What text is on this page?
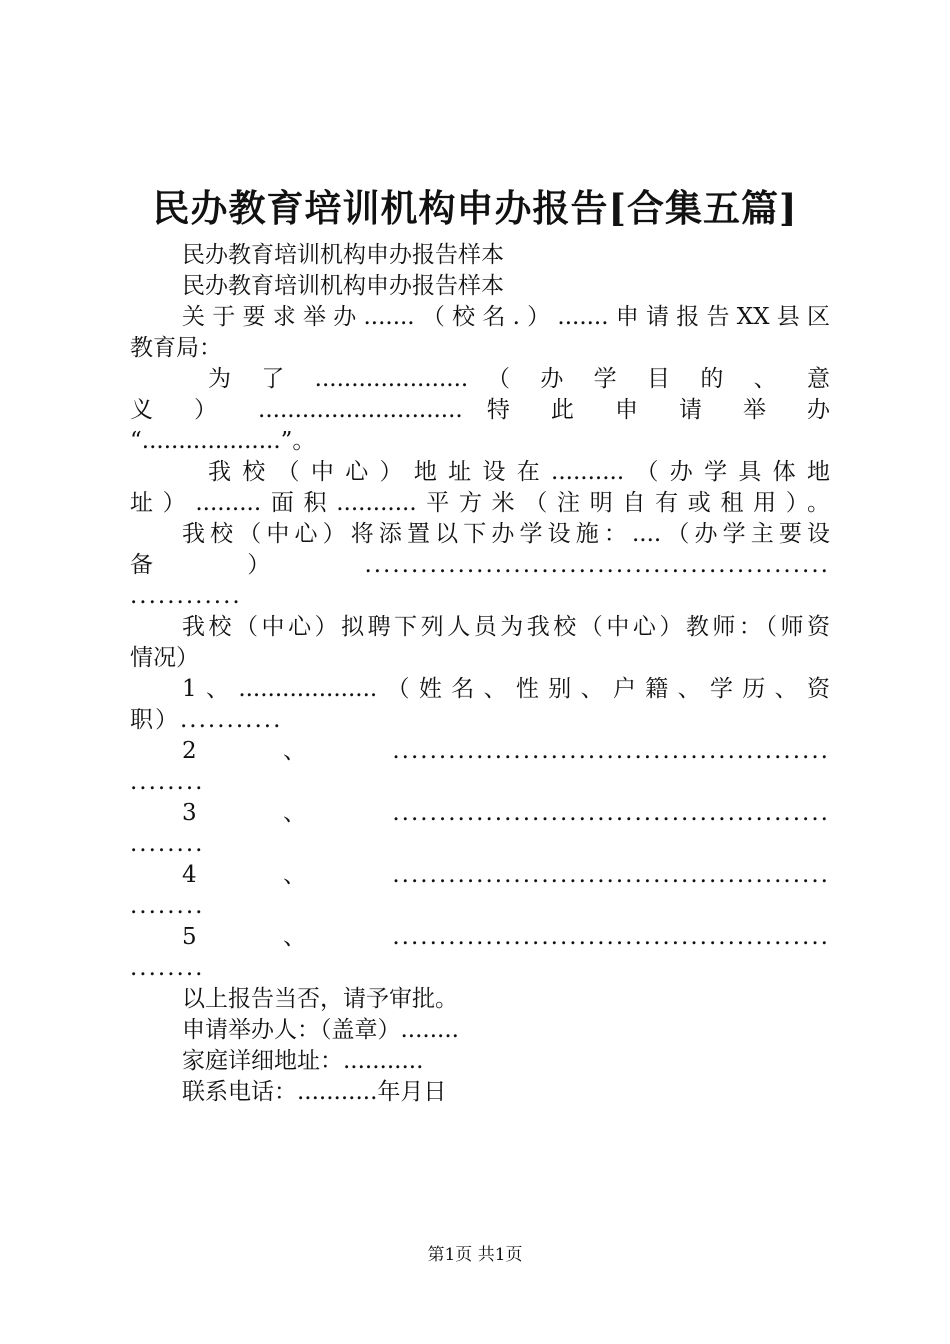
民办教育培训机构申办报告[合集五篇]
民办教育培训机构申办报告样本
民办教育培训机构申办报告样本
关于要求举办.......（校名.）.......申请报告XX县区
教育局：
为 了 ..................... （ 办 学 目 的 、 意
义 ） ............................ 特 此 申 请 举 办
“...................”。
我校（中心）地址设在..........（办学具体地
址）.........面积...........平方米（注明自有或租用）。
我校（中心）将添置以下办学设施：....（办学主要设
备）..................................................
............
我校（中心）拟聘下列人员为我校（中心）教师：（师资
情况）
1、...................（姓名、性别、户籍、学历、资
职）...........
2、...............................................
........
3、...............................................
........
4、...............................................
........
5、...............................................
........
以上报告当否，请予审批。
申请举办人：（盖章）........
家庭详细地址：...........
联系电话：...........年月日
第1页 共1页
